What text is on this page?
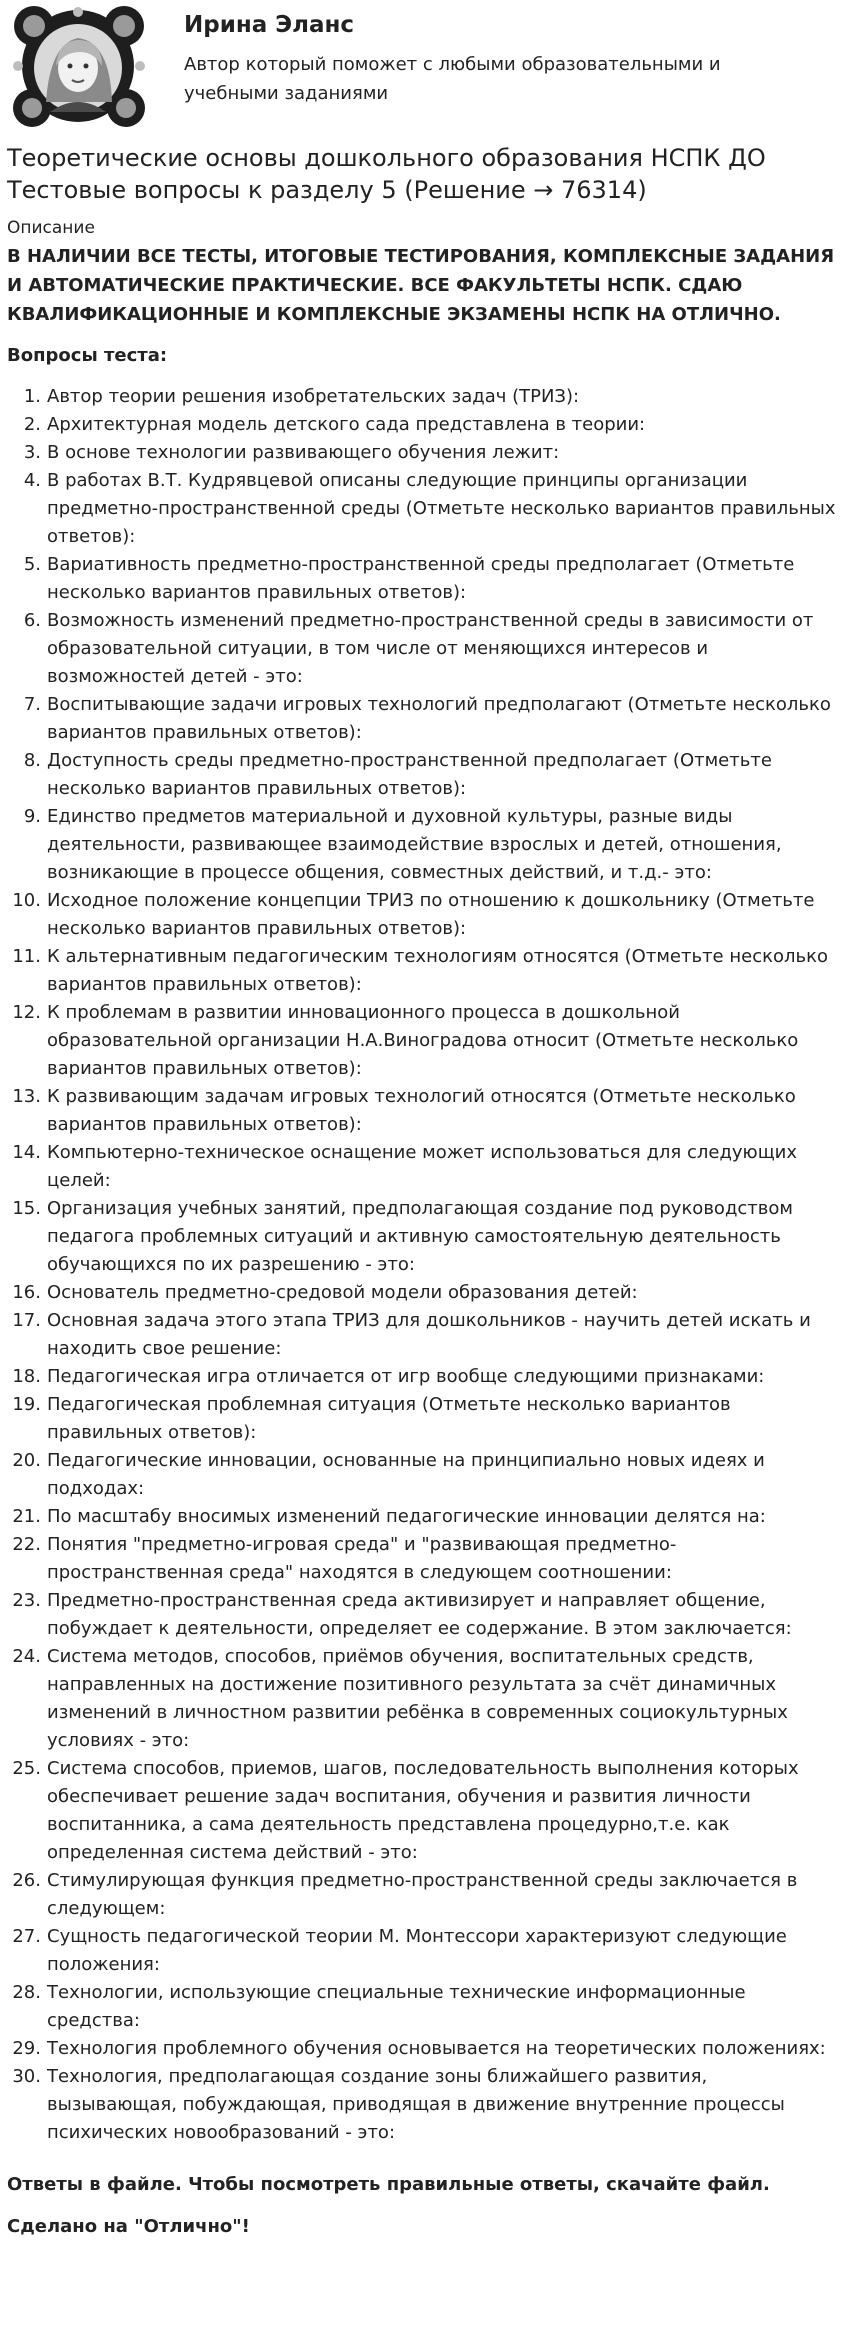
Ирина Эланс
Автор который поможет с любыми образовательными и учебными заданиями
Теоретические основы дошкольного образования НСПК ДО
Тестовые вопросы к разделу 5 (Решение → 76314)
Описание
В НАЛИЧИИ ВСЕ ТЕСТЫ, ИТОГОВЫЕ ТЕСТИРОВАНИЯ, КОМПЛЕКСНЫЕ ЗАДАНИЯ И АВТОМАТИЧЕСКИЕ ПРАКТИЧЕСКИЕ. ВСЕ ФАКУЛЬТЕТЫ НСПК. СДАЮ КВАЛИФИКАЦИОННЫЕ И КОМПЛЕКСНЫЕ ЭКЗАМЕНЫ НСПК НА ОТЛИЧНО.
Вопросы теста:
1. Автор теории решения изобретательских задач (ТРИЗ):
2. Архитектурная модель детского сада представлена в теории:
3. В основе технологии развивающего обучения лежит:
4. В работах В.Т. Кудрявцевой описаны следующие принципы организации предметно-пространственной среды (Отметьте несколько вариантов правильных ответов):
5. Вариативность предметно-пространственной среды предполагает (Отметьте несколько вариантов правильных ответов):
6. Возможность изменений предметно-пространственной среды в зависимости от образовательной ситуации, в том числе от меняющихся интересов и возможностей детей - это:
7. Воспитывающие задачи игровых технологий предполагают (Отметьте несколько вариантов правильных ответов):
8. Доступность среды предметно-пространственной предполагает (Отметьте несколько вариантов правильных ответов):
9. Единство предметов материальной и духовной культуры, разные виды деятельности, развивающее взаимодействие взрослых и детей, отношения, возникающие в процессе общения, совместных действий, и т.д.- это:
10. Исходное положение концепции ТРИЗ по отношению к дошкольнику (Отметьте несколько вариантов правильных ответов):
11. К альтернативным педагогическим технологиям относятся (Отметьте несколько вариантов правильных ответов):
12. К проблемам в развитии инновационного процесса в дошкольной образовательной организации Н.А.Виноградова относит (Отметьте несколько вариантов правильных ответов):
13. К развивающим задачам игровых технологий относятся (Отметьте несколько вариантов правильных ответов):
14. Компьютерно-техническое оснащение может использоваться для следующих целей:
15. Организация учебных занятий, предполагающая создание под руководством педагога проблемных ситуаций и активную самостоятельную деятельность обучающихся по их разрешению - это:
16. Основатель предметно-средовой модели образования детей:
17. Основная задача этого этапа ТРИЗ для дошкольников - научить детей искать и находить свое решение:
18. Педагогическая игра отличается от игр вообще следующими признаками:
19. Педагогическая проблемная ситуация (Отметьте несколько вариантов правильных ответов):
20. Педагогические инновации, основанные на принципиально новых идеях и подходах:
21. По масштабу вносимых изменений педагогические инновации делятся на:
22. Понятия "предметно-игровая среда" и "развивающая предметно-пространственная среда" находятся в следующем соотношении:
23. Предметно-пространственная среда активизирует и направляет общение, побуждает к деятельности, определяет ее содержание. В этом заключается:
24. Система методов, способов, приёмов обучения, воспитательных средств, направленных на достижение позитивного результата за счёт динамичных изменений в личностном развитии ребёнка в современных социокультурных условиях - это:
25. Система способов, приемов, шагов, последовательность выполнения которых обеспечивает решение задач воспитания, обучения и развития личности воспитанника, а сама деятельность представлена процедурно,т.е. как определенная система действий - это:
26. Стимулирующая функция предметно-пространственной среды заключается в следующем:
27. Сущность педагогической теории М. Монтессори характеризуют следующие положения:
28. Технологии, использующие специальные технические информационные средства:
29. Технология проблемного обучения основывается на теоретических положениях:
30. Технология, предполагающая создание зоны ближайшего развития, вызывающая, побуждающая, приводящая в движение внутренние процессы психических новообразований - это:
Ответы в файле. Чтобы посмотреть правильные ответы, скачайте файл.
Сделано на "Отлично"!
